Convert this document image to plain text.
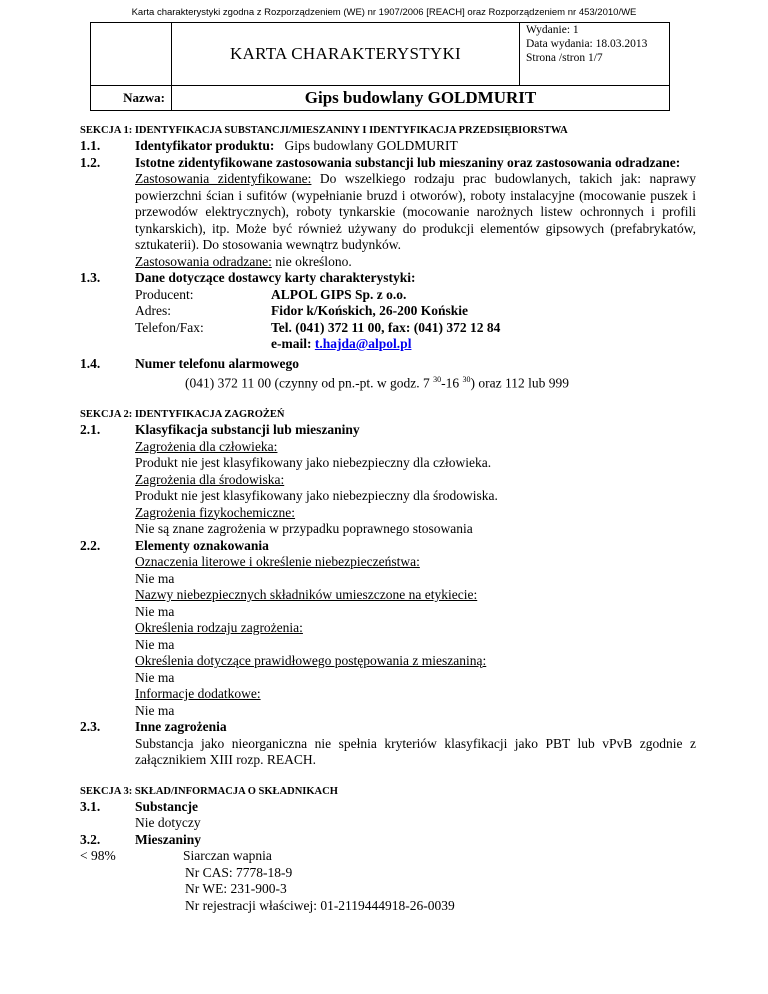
Karta charakterystyki zgodna z Rozporządzeniem (WE) nr 1907/2006 [REACH] oraz Rozporządzeniem nr 453/2010/WE
	KARTA CHARAKTERYSTYKI	Wydanie: 1
Data wydania: 18.03.2013
Strona /stron 1/7

Nazwa:	Gips budowlany GOLDMURIT	
SEKCJA 1: IDENTYFIKACJA SUBSTANCJI/MIESZANINY I IDENTYFIKACJA PRZEDSIĘBIORSTWA
1.1.	Identyfikator produktu: Gips budowlany GOLDMURIT
1.2.	Istotne zidentyfikowane zastosowania substancji lub mieszaniny oraz zastosowania odradzane:
Zastosowania zidentyfikowane: Do wszelkiego rodzaju prac budowlanych, takich jak: naprawy powierzchni ścian i sufitów (wypełnianie bruzd i otworów), roboty instalacyjne (mocowanie puszek i przewodów elektrycznych), roboty tynkarskie (mocowanie narożnych listew ochronnych i profili tynkarskich), itp. Może być również używany do produkcji elementów gipsowych (prefabrykatów, sztukaterii). Do stosowania wewnątrz budynków.
Zastosowania odradzane: nie określono.
1.3.	Dane dotyczące dostawcy karty charakterystyki:
Producent:	ALPOL GIPS Sp. z o.o.
Adres:	Fidor k/Końskich, 26-200 Końskie
Telefon/Fax:	Tel. (041) 372 11 00, fax: (041) 372 12 84
e-mail: t.hajda@alpol.pl
1.4.	Numer telefonu alarmowego
(041) 372 11 00 (czynny od pn.-pt. w godz. 7 $^{30}$-16 $^{30}$) oraz 112 lub 999
SEKCJA 2: IDENTYFIKACJA ZAGROŻEŃ
2.1.	Klasyfikacja substancji lub mieszaniny
Zagrożenia dla człowieka:
Produkt nie jest klasyfikowany jako niebezpieczny dla człowieka.
Zagrożenia dla środowiska:
Produkt nie jest klasyfikowany jako niebezpieczny dla środowiska.
Zagrożenia fizykochemiczne:
Nie są znane zagrożenia w przypadku poprawnego stosowania
2.2.	Elementy oznakowania
Oznaczenia literowe i określenie niebezpieczeństwa:
Nie ma
Nazwy niebezpiecznych składników umieszczone na etykiecie:
Nie ma
Określenia rodzaju zagrożenia:
Nie ma
Określenia dotyczące prawidłowego postępowania z mieszaniną:
Nie ma
Informacje dodatkowe:
Nie ma
2.3.	Inne zagrożenia
Substancja jako nieorganiczna nie spełnia kryteriów klasyfikacji jako PBT lub vPvB zgodnie z załącznikiem XIII rozp. REACH.
SEKCJA 3: SKŁAD/INFORMACJA O SKŁADNIKACH
3.1.	Substancje
Nie dotyczy
3.2.	Mieszaniny
< 98%	Siarczan wapnia
Nr CAS: 7778-18-9
Nr WE: 231-900-3
Nr rejestracji właściwej: 01-2119444918-26-0039
